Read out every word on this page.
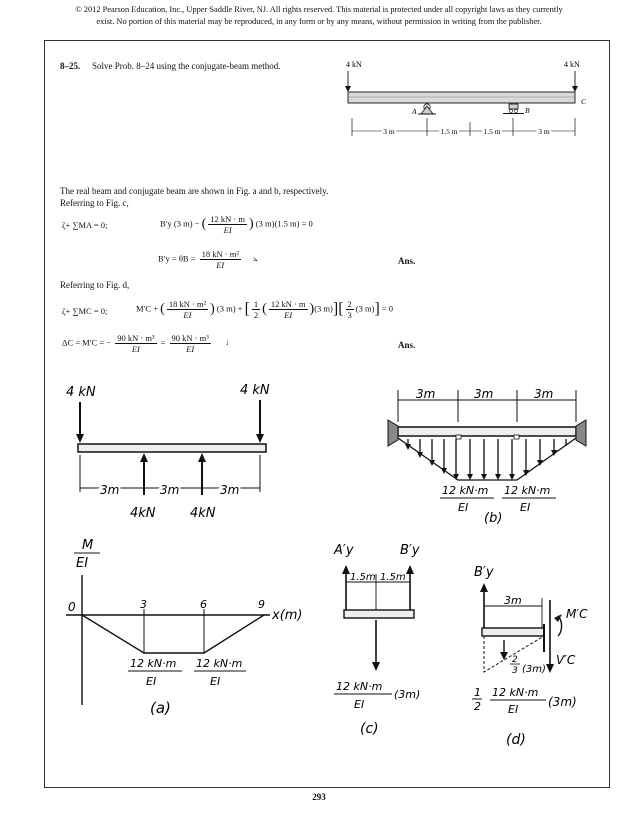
© 2012 Pearson Education, Inc., Upper Saddle River, NJ. All rights reserved. This material is protected under all copyright laws as they currently
exist. No portion of this material may be reproduced, in any form or by any means, without permission in writing from the publisher.
8–25. Solve Prob. 8–24 using the conjugate-beam method.	4 kN	4 kN
A	B
C
3 m	1.5 m	1.5 m	3 m
The real beam and conjugate beam are shown in Fig. a and b, respectively.
Referring to Fig. c,
ζ+ ∑MA = 0;	B′y (3 m) − ( $\frac{12 kN \cdot m}{EI}$ ) (3 m)(1.5 m) = 0
$B'y = \theta B = \frac{\text{18 kN · m²}}{EI}$ ⦣	Ans.
Referring to Fig. d,
ζ+ ∑MC = 0;	M′C + ( $\frac{\text{18 kN · m²}}{EI}$ ) (3 m) + [ $\frac{1}{2}$ ( $\frac{12 kN \cdot m}{EI} )(3$ $m)][ \frac{2}{3} (3$ m)] = 0
ΔC = M′C = − $\frac{\text{90 kN · m³}}{EI} = \frac{\text{90 kN · m³}}{EI}$ ↓	Ans.
4 kN	4 kN
3m	3m	3m
4kN	4kN
3m	3m	3m
12 kN·m
EI
12 kN·m
EI
(b)
M
EI
0
x(m)
3	6	9
12 kN·m
EI
12 kN·m
EI
(a)
A′y	B′y
1.5m 1.5m
12 kN·m
EI
(3m)
(c)
B′y
3m
M′C
V′C
2
3 (3m)
1
2
12 kN·m
EI
(3m)
(d)
293
